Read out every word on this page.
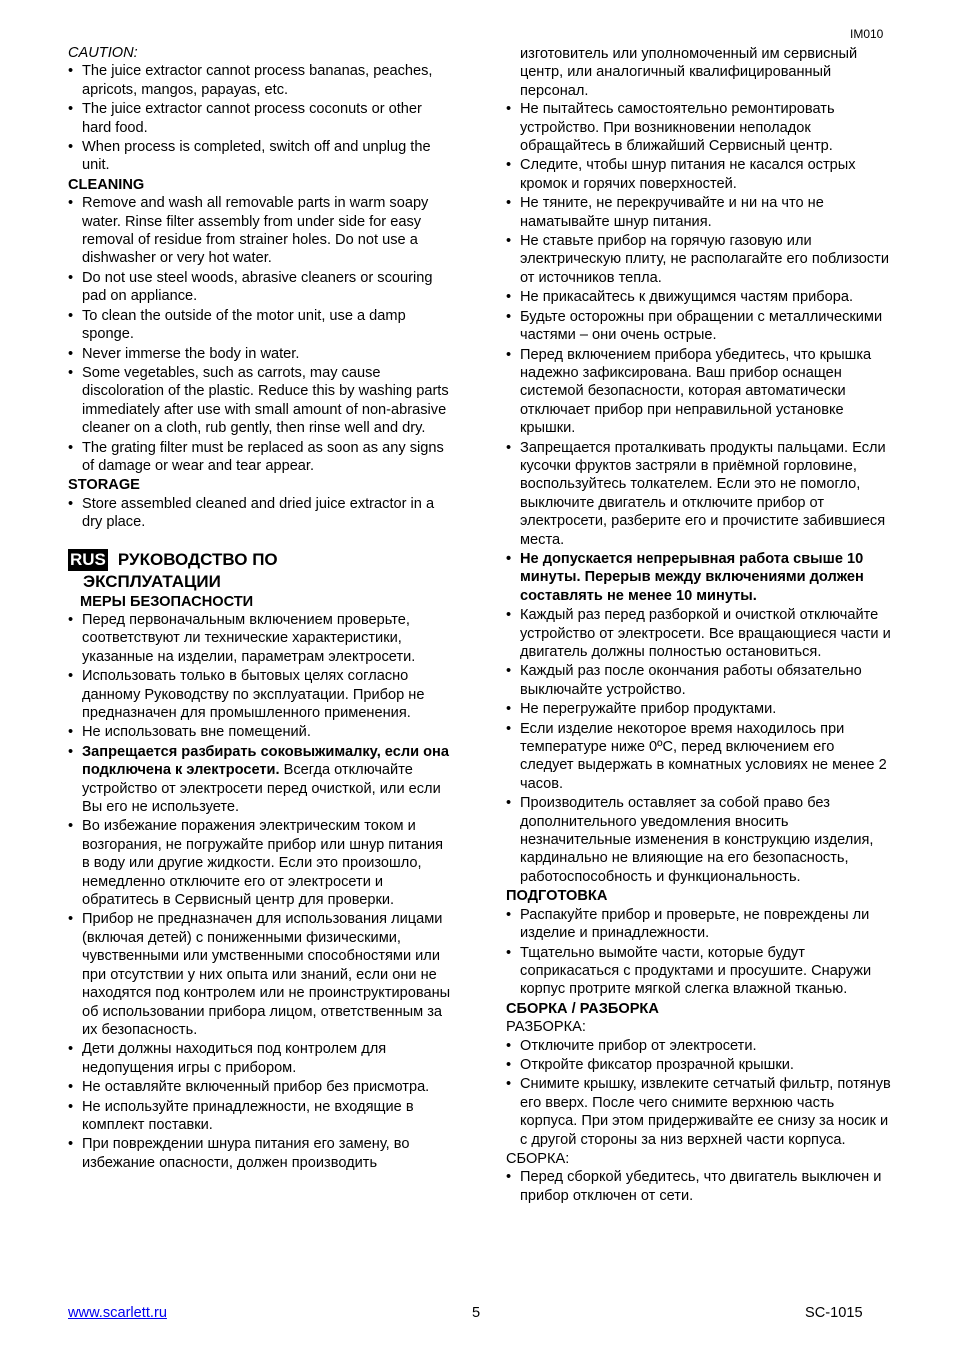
IM010
CAUTION:
• The juice extractor cannot process bananas, peaches, apricots, mangos, papayas, etc.
• The juice extractor cannot process coconuts or other hard food.
• When process is completed, switch off and unplug the unit.
CLEANING
• Remove and wash all removable parts in warm soapy water. Rinse filter assembly from under side for easy removal of residue from strainer holes. Do not use a dishwasher or very hot water.
• Do not use steel woods, abrasive cleaners or scouring pad on appliance.
• To clean the outside of the motor unit, use a damp sponge.
• Never immerse the body in water.
• Some vegetables, such as carrots, may cause discoloration of the plastic. Reduce this by washing parts immediately after use with small amount of non-abrasive cleaner on a cloth, rub gently, then rinse well and dry.
• The grating filter must be replaced as soon as any signs of damage or wear and tear appear.
STORAGE
• Store assembled cleaned and dried juice extractor in a dry place.
RUS РУКОВОДСТВО ПО
ЭКСПЛУАТАЦИИ
МЕРЫ БЕЗОПАСНОСТИ
• Перед первоначальным включением проверьте, соответствуют ли технические характеристики, указанные на изделии, параметрам электросети.
• Использовать только в бытовых целях согласно данному Руководству по эксплуатации. Прибор не предназначен для промышленного применения.
• Не использовать вне помещений.
• Запрещается разбирать соковыжималку, если она подключена к электросети. Всегда отключайте устройство от электросети перед очисткой, или если Вы его не используете.
• Во избежание поражения электрическим током и возгорания, не погружайте прибор или шнур питания в воду или другие жидкости. Если это произошло, немедленно отключите его от электросети и обратитесь в Сервисный центр для проверки.
• Прибор не предназначен для использования лицами (включая детей) с пониженными физическими, чувственными или умственными способностями или при отсутствии у них опыта или знаний, если они не находятся под контролем или не проинструктированы об использовании прибора лицом, ответственным за их безопасность.
• Дети должны находиться под контролем для недопущения игры с прибором.
• Не оставляйте включенный прибор без присмотра.
• Не используйте принадлежности, не входящие в комплект поставки.
• При повреждении шнура питания его замену, во избежание опасности, должен производить
изготовитель или уполномоченный им сервисный центр, или аналогичный квалифицированный персонал.
• Не пытайтесь самостоятельно ремонтировать устройство. При возникновении неполадок обращайтесь в ближайший Сервисный центр.
• Следите, чтобы шнур питания не касался острых кромок и горячих поверхностей.
• Не тяните, не перекручивайте и ни на что не наматывайте шнур питания.
• Не ставьте прибор на горячую газовую или электрическую плиту, не располагайте его поблизости от источников тепла.
• Не прикасайтесь к движущимся частям прибора.
• Будьте осторожны при обращении с металлическими частями – они очень острые.
• Перед включением прибора убедитесь, что крышка надежно зафиксирована. Ваш прибор оснащен системой безопасности, которая автоматически отключает прибор при неправильной установке крышки.
• Запрещается проталкивать продукты пальцами. Если кусочки фруктов застряли в приёмной горловине, воспользуйтесь толкателем. Если это не помогло, выключите двигатель и отключите прибор от электросети, разберите его и прочистите забившиеся места.
• Не допускается непрерывная работа свыше 10 минуты. Перерыв между включениями должен составлять не менее 10 минуты.
• Каждый раз перед разборкой и очисткой отключайте устройство от электросети. Все вращающиеся части и двигатель должны полностью остановиться.
• Каждый раз после окончания работы обязательно выключайте устройство.
• Не перегружайте прибор продуктами.
• Если изделие некоторое время находилось при температуре ниже 0ºC, перед включением его следует выдержать в комнатных условиях не менее 2 часов.
• Производитель оставляет за собой право без дополнительного уведомления вносить незначительные изменения в конструкцию изделия, кардинально не влияющие на его безопасность, работоспособность и функциональность.
ПОДГОТОВКА
• Распакуйте прибор и проверьте, не повреждены ли изделие и принадлежности.
• Тщательно вымойте части, которые будут соприкасаться с продуктами и просушите. Снаружи корпус протрите мягкой слегка влажной тканью.
СБОРКА / РАЗБОРКА
РАЗБОРКА:
• Отключите прибор от электросети.
• Откройте фиксатор прозрачной крышки.
• Снимите крышку, извлеките сетчатый фильтр, потянув его вверх. После чего снимите верхнюю часть корпуса. При этом придерживайте ее снизу за носик и с другой стороны за низ верхней части корпуса.
СБОРКА:
• Перед сборкой убедитесь, что двигатель выключен и прибор отключен от сети.
www.scarlett.ru	5	SC-1015
